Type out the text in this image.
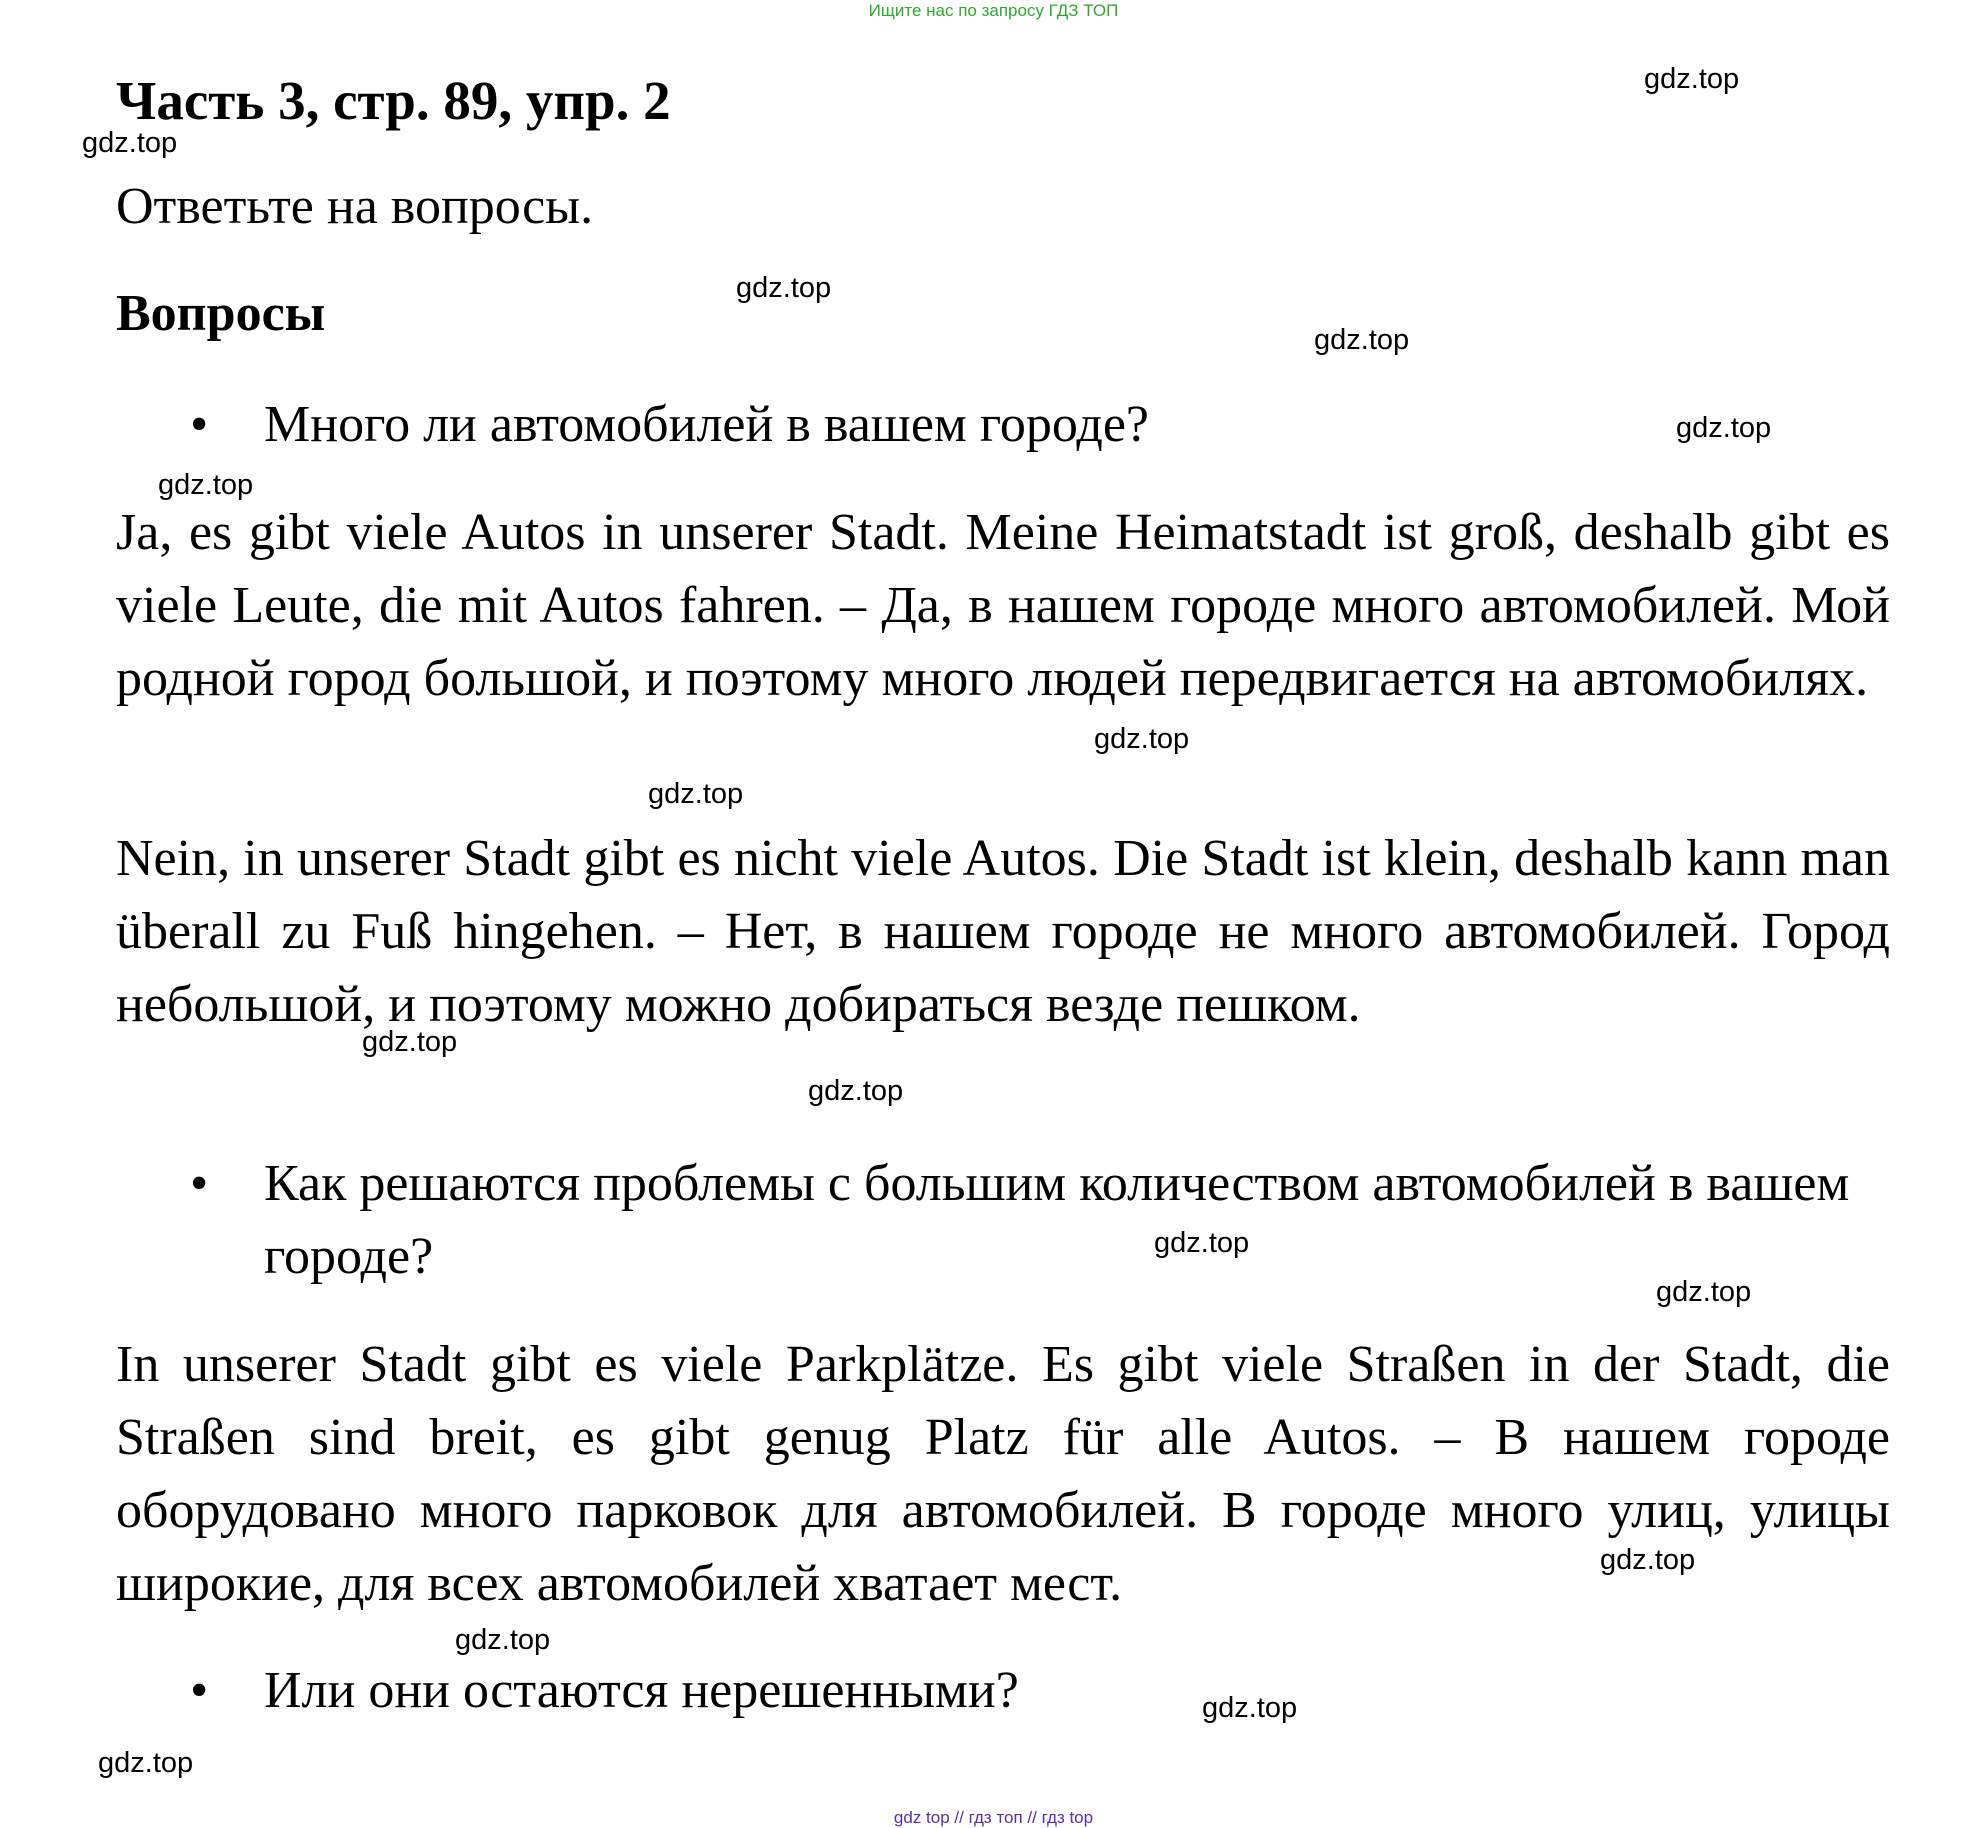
Ищите нас по запросу ГДЗ ТОП
Часть 3, стр. 89, упр. 2

Ответьте на вопросы.

Вопросы
•	Много ли автомобилей в вашем городе?

Ja, es gibt viele Autos in unserer Stadt. Meine Heimatstadt ist groß, deshalb gibt es viele Leute, die mit Autos fahren. – Да, в нашем городе много автомобилей. Мой родной город большой, и поэтому много людей передвигается на автомобилях.

Nein, in unserer Stadt gibt es nicht viele Autos. Die Stadt ist klein, deshalb kann man überall zu Fuß hingehen. – Нет, в нашем городе не много автомобилей. Город небольшой, и поэтому можно добираться везде пешком.

•	Как решаются проблемы с большим количеством автомобилей в вашем городе?

In unserer Stadt gibt es viele Parkplätze. Es gibt viele Straßen in der Stadt, die Straßen sind breit, es gibt genug Platz für alle Autos. – В нашем городе оборудовано много парковок для автомобилей. В городе много улиц, улицы широкие, для всех автомобилей хватает мест.

•	Или они остаются нерешенными?
gdz.top
gdz.top
gdz.top
gdz.top
gdz.top
gdz.top
gdz.top
gdz.top
gdz.top
gdz.top
gdz.top
gdz.top
gdz.top
gdz.top
gdz.top
gdz.top
gdz top // гдз топ // гдз top
